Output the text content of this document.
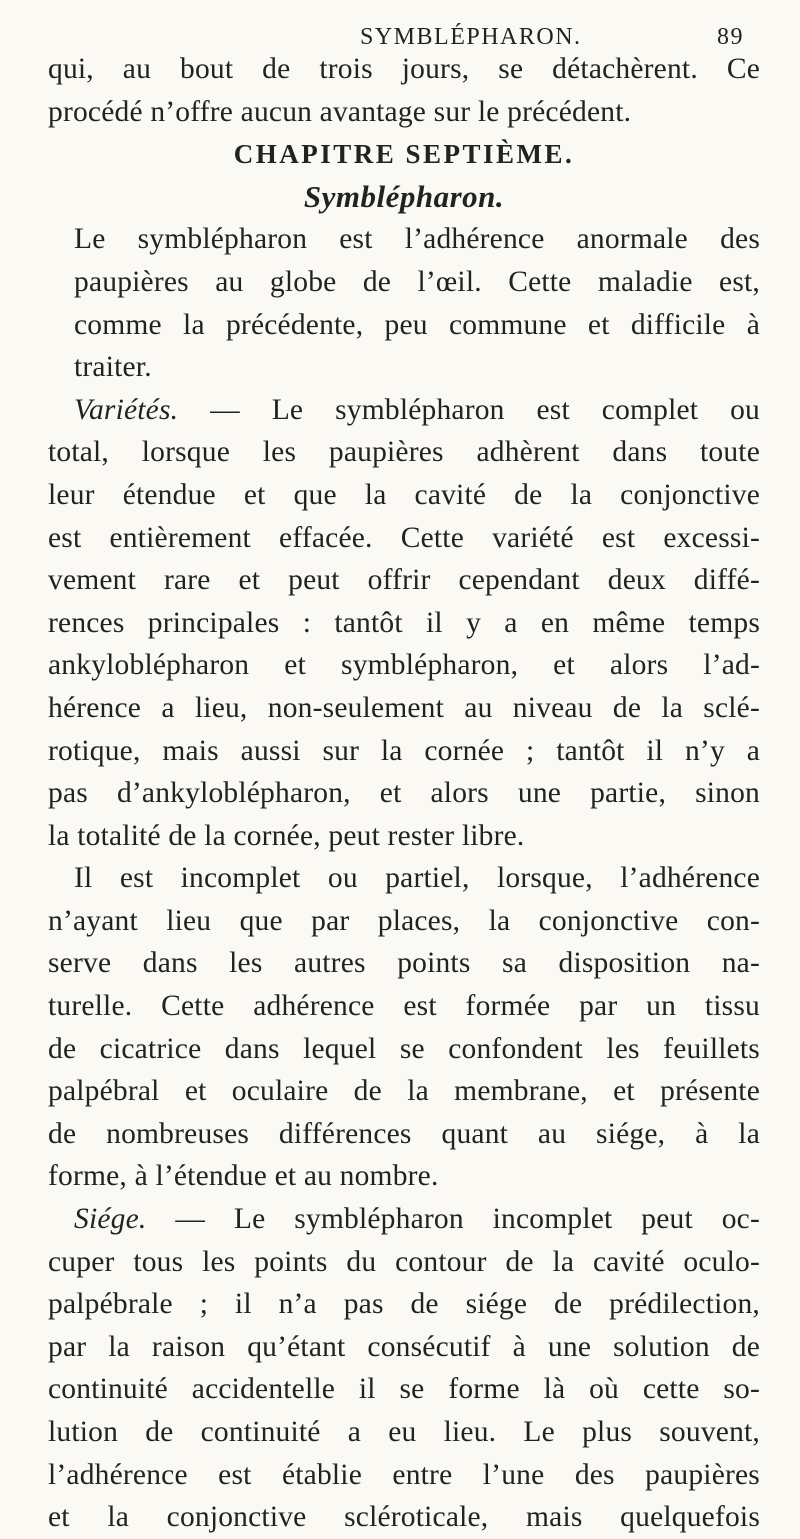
SYMBLÉPHARON.	89

qui, au bout de trois jours, se détachèrent. Ce
procédé n’offre aucun avantage sur le précédent.

CHAPITRE SEPTIÈME.
Symblépharon.

Le symblépharon est l’adhérence anormale des
paupières au globe de l’œil. Cette maladie est,
comme la précédente, peu commune et difficile à
traiter.

Variétés. — Le symblépharon est complet ou
total, lorsque les paupières adhèrent dans toute
leur étendue et que la cavité de la conjonctive
est entièrement effacée. Cette variété est excessi-
vement rare et peut offrir cependant deux diffé-
rences principales : tantôt il y a en même temps
ankyloblépharon et symblépharon, et alors l’ad-
hérence a lieu, non-seulement au niveau de la sclé-
rotique, mais aussi sur la cornée ; tantôt il n’y a
pas d’ankyloblépharon, et alors une partie, sinon
la totalité de la cornée, peut rester libre.

Il est incomplet ou partiel, lorsque, l’adhérence
n’ayant lieu que par places, la conjonctive con-
serve dans les autres points sa disposition na-
turelle. Cette adhérence est formée par un tissu
de cicatrice dans lequel se confondent les feuillets
palpébral et oculaire de la membrane, et présente
de nombreuses différences quant au siége, à la
forme, à l’étendue et au nombre.

Siége. — Le symblépharon incomplet peut oc-
cuper tous les points du contour de la cavité oculo-
palpébrale ; il n’a pas de siége de prédilection,
par la raison qu’étant consécutif à une solution de
continuité accidentelle il se forme là où cette so-
lution de continuité a eu lieu. Le plus souvent,
l’adhérence est établie entre l’une des paupières
et la conjonctive scléroticale, mais quelquefois
